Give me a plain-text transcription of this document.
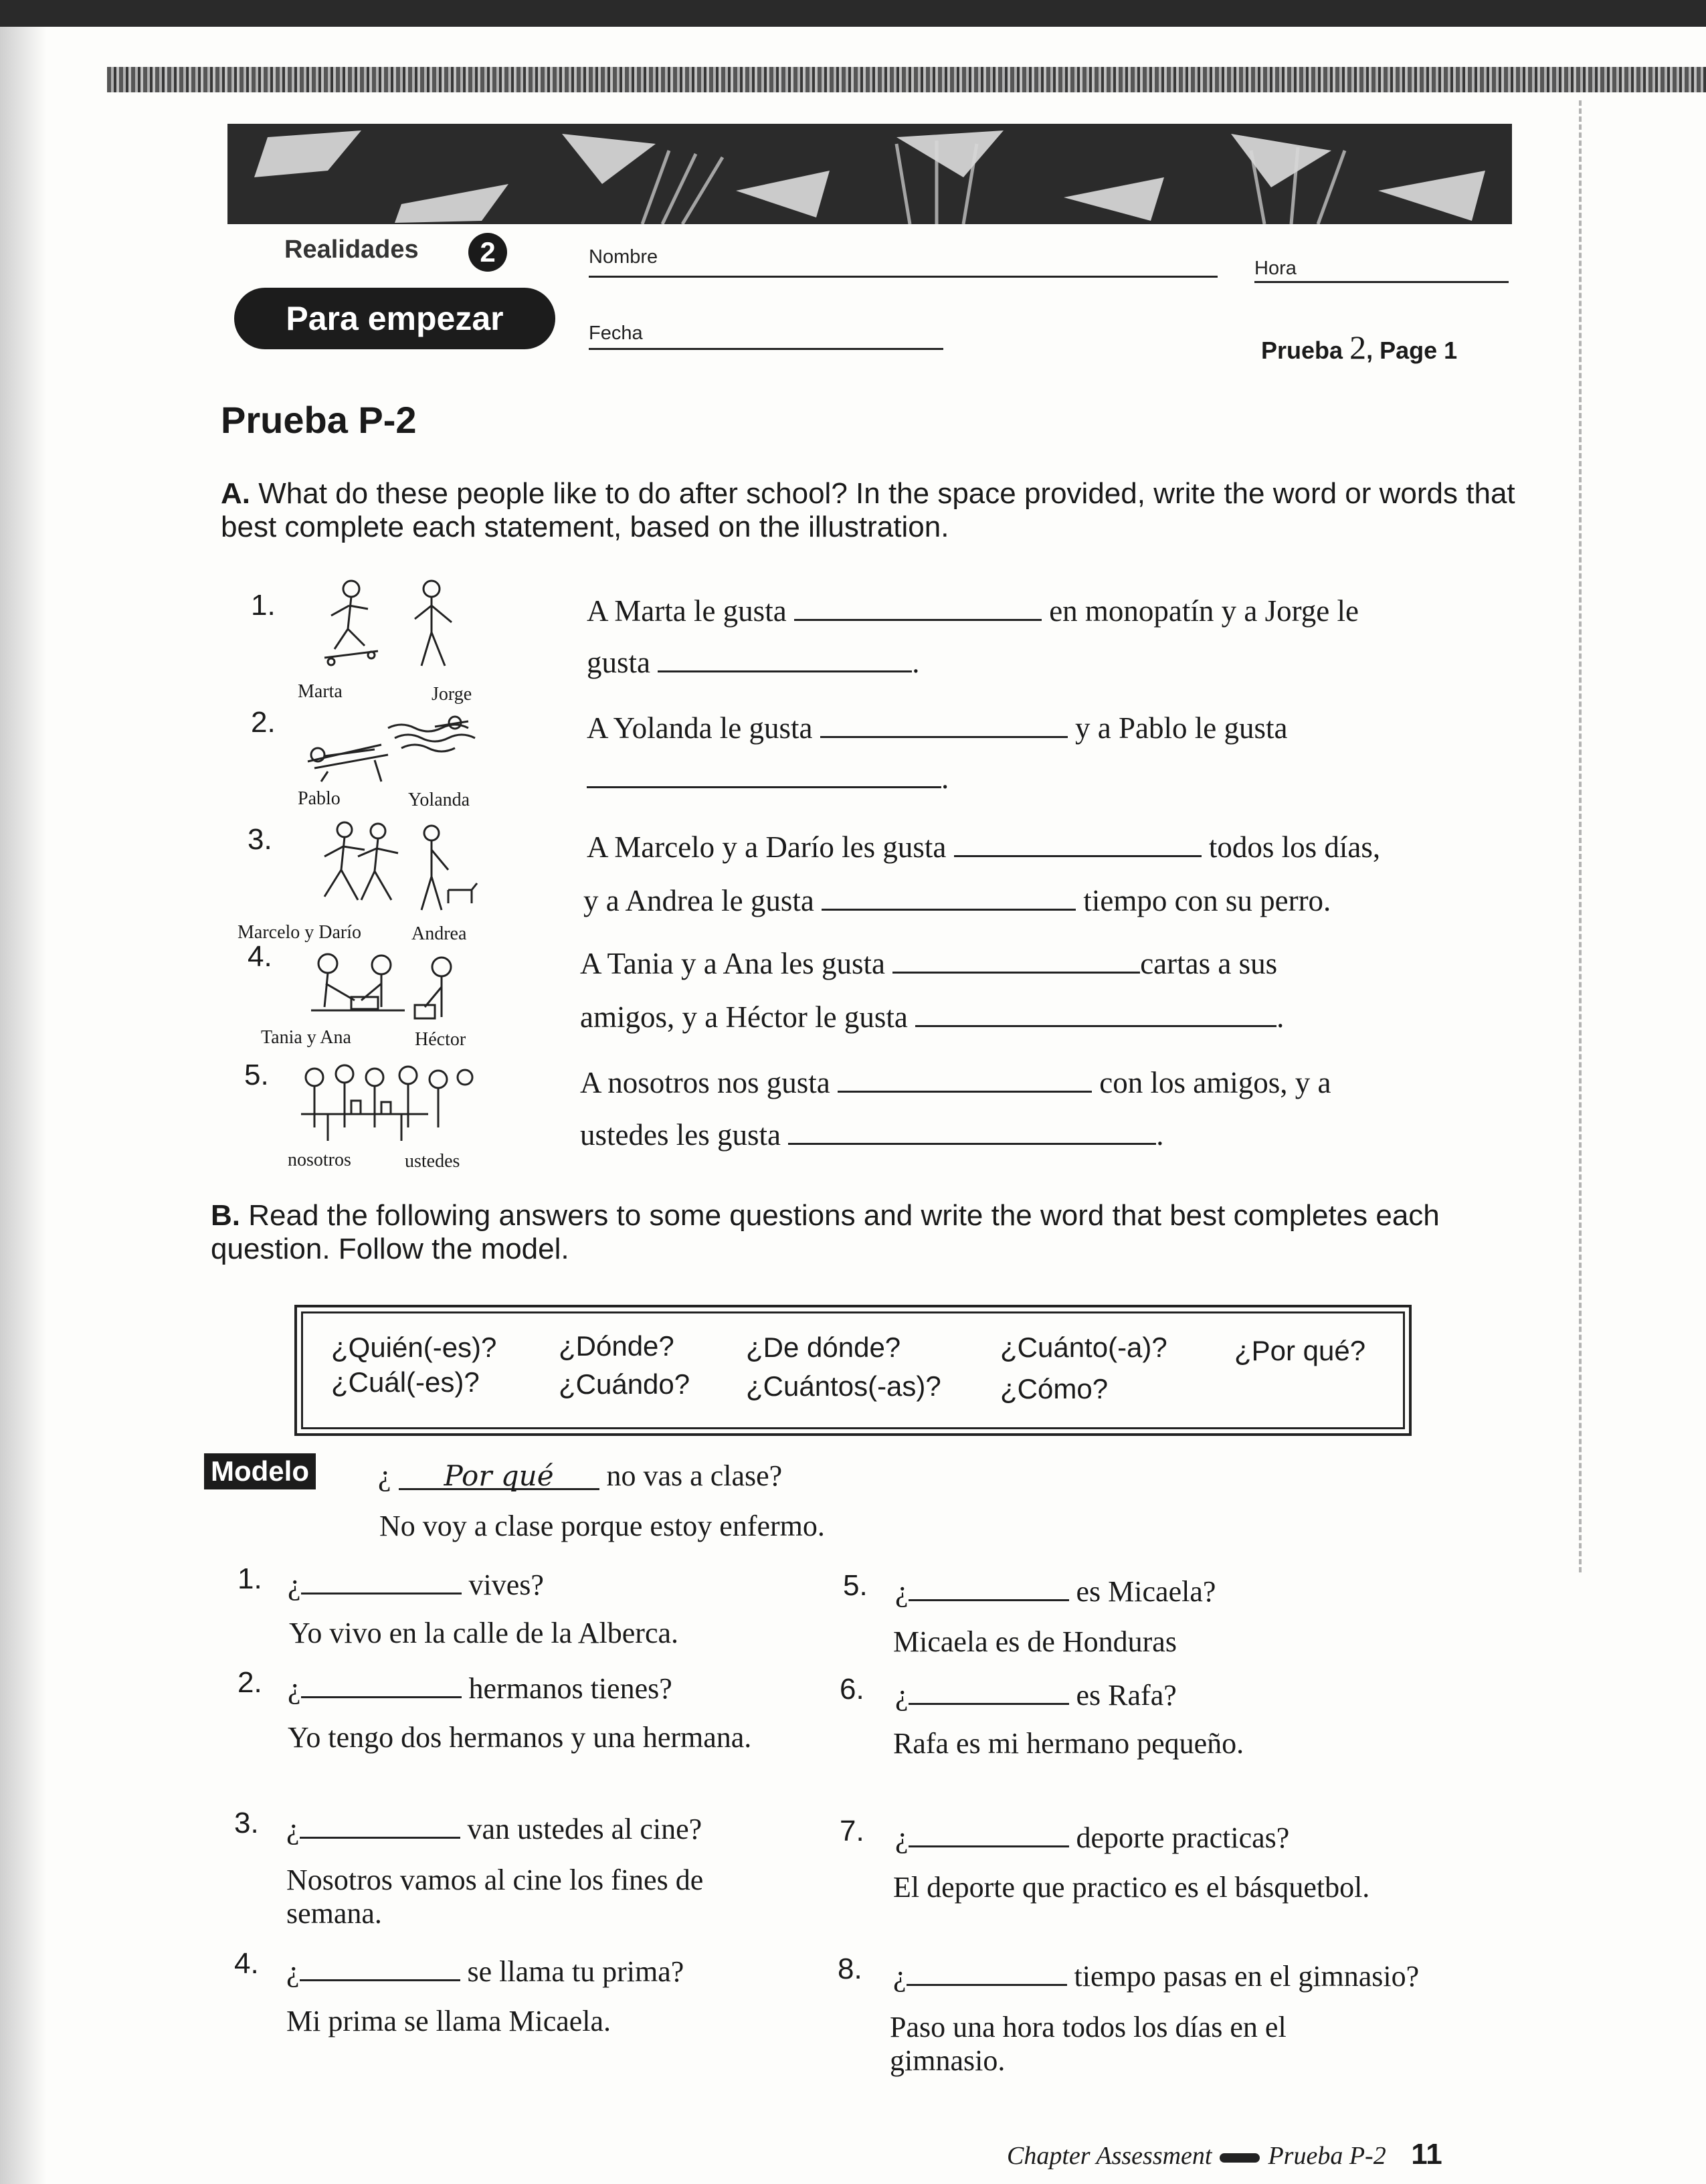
Realidades	2
Para empezar
Nombre
Hora
Fecha
Prueba 2, Page 1
Prueba P-2
A. What do these people like to do after school? In the space provided, write the word or words that best complete each statement, based on the illustration.
1.
Marta	Jorge
A Marta le gusta	en monopatín y a Jorge le
gusta	.
2.
Pablo	Yolanda
A Yolanda le gusta	y a Pablo le gusta
.
3.
Marcelo y Darío	Andrea
A Marcelo y a Darío les gusta	todos los días,
y a Andrea le gusta	tiempo con su perro.
4.
Tania y Ana	Héctor
A Tania y a Ana les gusta	cartas a sus
amigos, y a Héctor le gusta	.
5.
nosotros	ustedes
A nosotros nos gusta	con los amigos, y a
ustedes les gusta	.
B. Read the following answers to some questions and write the word that best completes each question. Follow the model.
¿Quién(-es)? ¿Dónde?	¿De dónde?	¿Cuánto(-a)? ¿Por qué?
¿Cuál(-es)?	¿Cuándo? ¿Cuántos(-as)? ¿Cómo?
Modelo ¿ Por qué no vas a clase?
No voy a clase porque estoy enfermo.
1. ¿	vives?
Yo vivo en la calle de la Alberca.
2. ¿	hermanos tienes?
Yo tengo dos hermanos y una hermana.
3. ¿	van ustedes al cine?
Nosotros vamos al cine los fines de semana.
4. ¿	se llama tu prima?
Mi prima se llama Micaela.
5. ¿	es Micaela?
Micaela es de Honduras
6. ¿	es Rafa?
Rafa es mi hermano pequeño.
7. ¿	deporte practicas?
El deporte que practico es el básquetbol.
8. ¿	tiempo pasas en el gimnasio?
Paso una hora todos los días en el gimnasio.
Chapter Assessment Prueba P-2 11
